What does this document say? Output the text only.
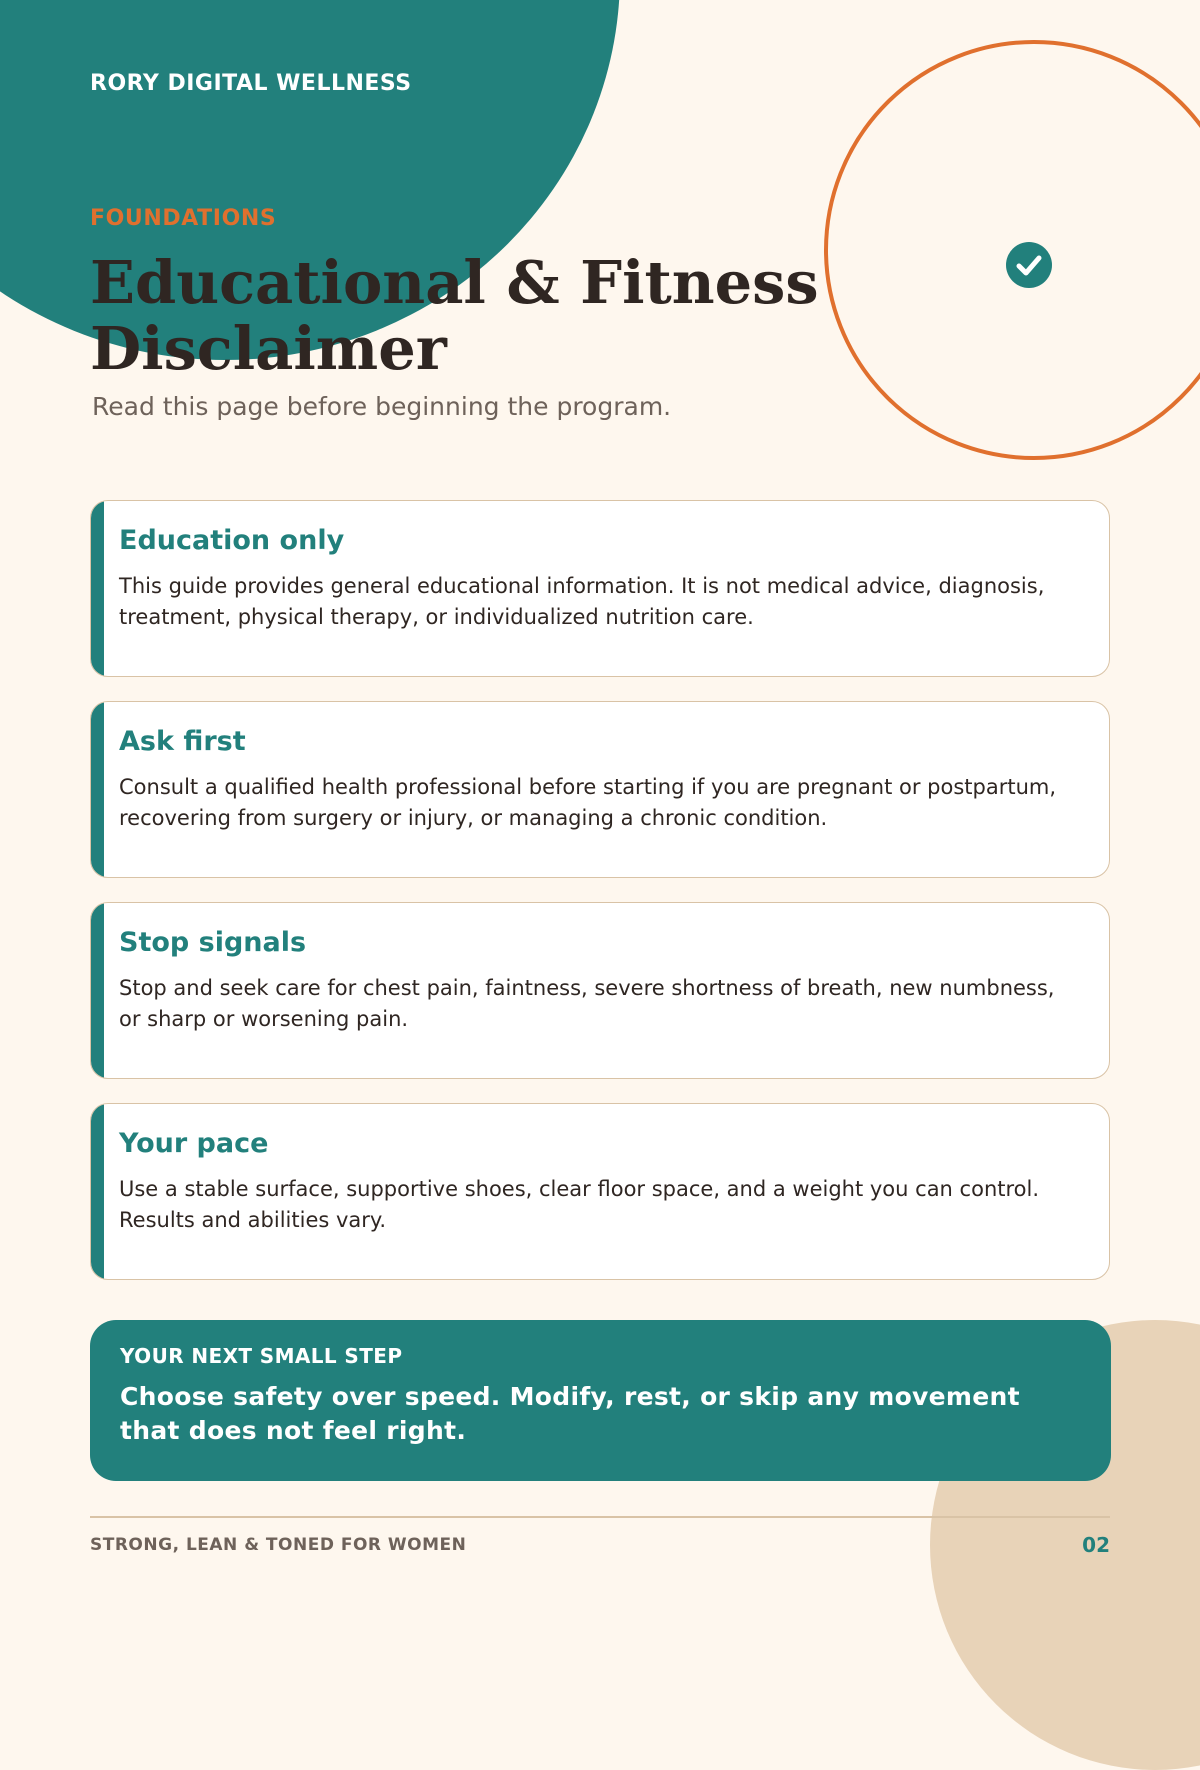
RORY DIGITAL WELLNESS
FOUNDATIONS
Educational & Fitness Disclaimer
Read this page before beginning the program.
Education only

This guide provides general educational information. It is not medical advice, diagnosis, treatment, physical therapy, or individualized nutrition care.

Ask first

Consult a qualified health professional before starting if you are pregnant or postpartum, recovering from surgery or injury, or managing a chronic condition.

Stop signals

Stop and seek care for chest pain, faintness, severe shortness of breath, new numbness, or sharp or worsening pain.

Your pace

Use a stable surface, supportive shoes, clear floor space, and a weight you can control. Results and abilities vary.

YOUR NEXT SMALL STEP

Choose safety over speed. Modify, rest, or skip any movement that does not feel right.

STRONG, LEAN & TONED FOR WOMEN	02
